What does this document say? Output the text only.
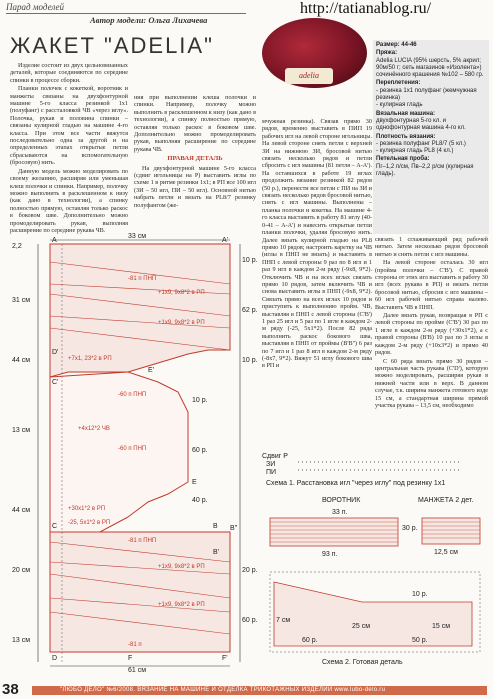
Парад моделей
Автор модели: Ольга Лихачева
ЖАКЕТ "ADELIA"
http://tatianablog.ru/
adelia

Изделие состоит из двух цельновязанных деталей, которые соединяются по середине спинки в процессе сборки.

Планки полочек с кокеткой, воротник и манжеты связаны на двухфонтурной машине 5-го класса резинкой 1х1 (полуфанг) с рассталовкой ЧВ «через иглу». Полочка, рукав и половина спинки – связаны кулирной гладью на машине 4-го класса. При этом все части вяжутся последовательно одна за другой и на определенных этапах открытые петли сбрасываются на вспомогательную (бросовую) нить.

Данную модель можно моделировать по своему желанию, расширяя или уменьшая клеш полочки и спинки. Например, полочку можно выполнить в расклешенном к низу (как дано в технологии), а спинку полностью прямую, оставляя только раскос в боковом шве. Дополнительно можно промоделировать рукав, выполняя расширение по середине рукава ЧВ.

ния при выполнении клеша полочки и спинки. Например, полочку можно выполнить в расклешенном к низу (как дано в технологии), а спинку полностью прямую, оставляя только раскос в боковом шве. Дополнительно можно промоделировать рукав, выполняя расширение по середине рукава ЧВ.

ПРАВАЯ ДЕТАЛЬ

На двухфонтурной машине 5-го класса (сдвиг игольницы на P) выставить иглы по схеме 1 в ритме резинки 1х1; в РП все 100 игл (ЗИ – 50 игл, ПИ – 50 игл). Основной нитью набрать петли и вязать на PL8/7 резинку полуфангом (же-

мчужная резинка). Связав прямо 30 рядов, временно выставить в ПИП 19 рабочих игл на левой стороне игольницы. На левой стороне снять петли с верхней ЗИ на нижнюю ЗИ, бросовой нитью связать несколько рядов и петли сбросить с игл машины (81 петля – A-A'). На оставшихся в работе 19 иглах продолжить вязание резинкой 82 рядов (50 р.), перенести все петли с ПИ на ЗИ и связать несколько рядов бросовой нитью, снять с игл машины. Выполнены – планка полочки и кокетка. На машине 4-го класса выставить в работу 81 иглу (40-0-41 – A-A') и навесить открытые петли планки полочки, удаляя бросовую нить. Далее вязать кулирной гладью на PL8 прямо 10 рядов; настроить каретку на ЧВ (иглы в ПНП не вязать) и выставить в ПНП с левой стороны 9 раз по 8 игл и 1 раз 9 игл в каждом 2-м ряду (-9х8, 9*2). Отключить ЧВ и на всех иглах связать прямо 10 рядов, затем включить ЧВ и снова выставить иглы в ПНП (-9х8, 9*2). Связать прямо на всех иглах 10 рядов и приступить к выполнению пройм. ЧВ, выставляя в ПНП с левой стороны (C'B') 1 раз 25 игл и 5 раз по 1 игле в каждом 2-м ряду (-25, 5х1*2). После 82 ряда выполнить раскос бокового шва, выставляя в ПНП от проймы (B'B'') 6 раз по 7 игл и 1 раз 8 игл в каждом 2-м ряду (-8х7, 9*2). Вяжут 51 иглу бокового шва в РП и

Размер: 44-46
Пряжа:
Adelia LUCIA (95% шерсть, 5% акрил; 90м/50 г; сеть магазинов «Изолента») сочинённого крашения №102 – 580 гр.
Переплетения:
- резинка 1х1 полуфанг (жемчужная резинка)
- кулирная гладь
Вязальная машина:
двухфонтурная 5-го кл. и однофонтурная машина 4-го кл.
Плотность вязания:
- резинка полуфанг PL8/7 (5 кл.)
- кулирная гладь PL8 (4 кл.)
Петельная проба:
Пг–1,2 п/см, Пв–2,2 р/см (кулирная гладь).

связать 1 сглаживающий ряд рабочей нитью. Затем несколько рядов бросовой нитью и снять петли с игл машины.

На левой стороне осталась 30 игл (пройма полочки – C'B'). С правой стороны от этих игл выставить в работу 30 игл (всех рукава в РП) и вязать петли бросовой нитью, сбросив с игл машины – 60 игл рабочей нитью справа налево. Выставить ЧВ в ПНП.

Далее вязать рукав, возвращая в РП с левой стороны по пройме (C'B') 30 раз по 1 игле в каждом 2-м ряду (+30х1*2), а с правой стороны (B'B) 10 раз по 3 иглы в каждом 2-м ряду (+10х3*2) и прямо 40 рядов.

С 60 ряда вязать прямо 30 рядов – центральная часть рукава (C'D'), которую можно моделировать, расширяя рукав в нижней части или в верх. В данном случае, т.к. ширина манжета готового изде 15 см, а стандартная ширина прямой участка рукава – 13,5 см, необходимо

33 см
2,2
A	A'
D'
E'
C'
E
C	B B''
B'
D	F	F'
-81 п ПНП
+1х9, 9х8*2 в РП
+1х9, 9х8*2 в РП
+7х1, 23*2 в РП
+4х12*2 ЧВ
-60 п ПНП
+30х1*2 в РП
-25, 5х1*2 в РП
+1х9, 9х8*2 в РП
+1х9, 9х8*2 в РП
-81 п ПНП
-60 п ПНП
-81 п
10 р.
62 р.
10 р.
10 р.
60 р.
40 р.
20 р.
60 р.
31 см
44 см
13 см
44 см
20 см
13 см
61 см
Сдвиг P
ЗИ
ПИ
Схема 1. Расстановка игл "через иглу" под резинку 1х1
ВОРОТНИК	МАНЖЕТА 2 дет.
33 п.
93 п.
30 р.
12,5 см
10 р.
7 см
25 см	15 см
60 р.	50 р.
Схема 2. Готовая деталь
38	"ЛЮБО ДЕЛО" №6/2008. ВЯЗАНИЕ НА МАШИНЕ И ОТДЕЛКА ТРИКОТАЖНЫХ ИЗДЕЛИЙ www.lubo-delo.ru
